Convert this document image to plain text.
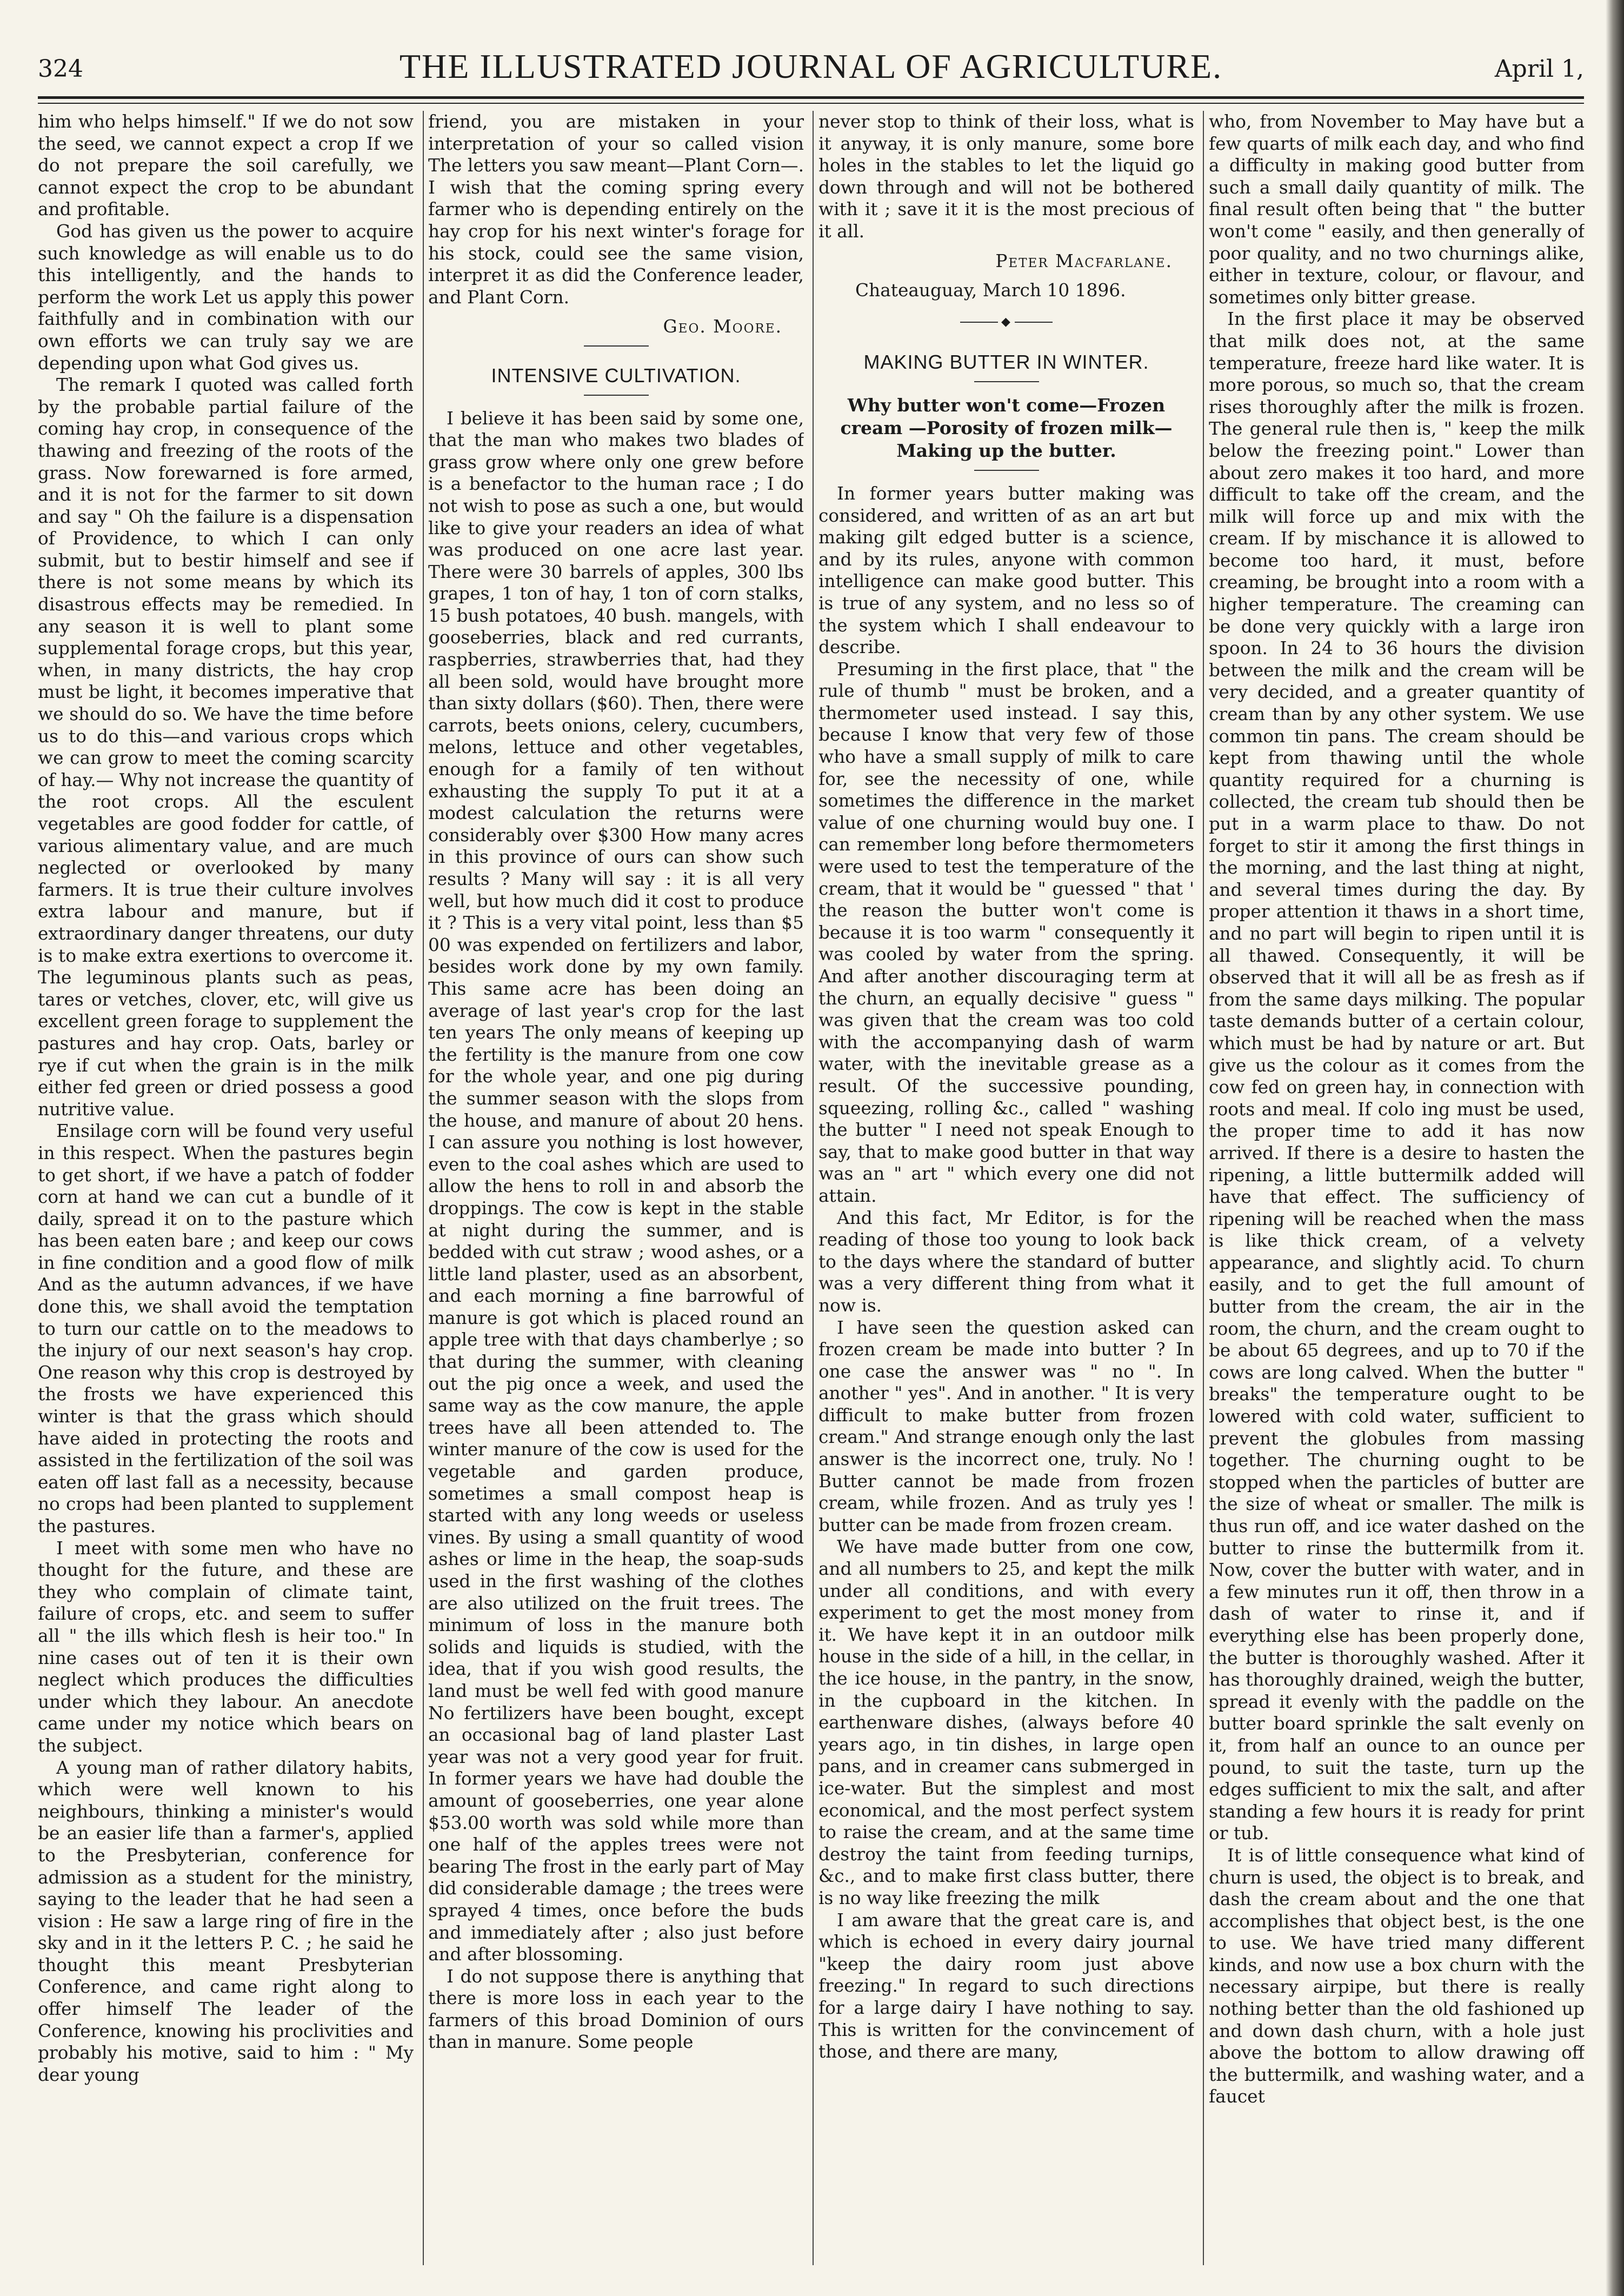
324	THE ILLUSTRATED JOURNAL OF AGRICULTURE.	April 1,

him who helps himself." If we do not sow the seed, we cannot expect a crop If we do not prepare the soil carefully, we cannot expect the crop to be abundant and profitable.

God has given us the power to acquire such knowledge as will enable us to do this intelligently, and the hands to perform the work Let us apply this power faithfully and in combination with our own efforts we can truly say we are depending upon what God gives us.

The remark I quoted was called forth by the probable partial failure of the coming hay crop, in consequence of the thawing and freezing of the roots of the grass. Now forewarned is fore armed, and it is not for the farmer to sit down and say " Oh the failure is a dispensation of Providence, to which I can only submit, but to bestir himself and see if there is not some means by which its disastrous effects may be remedied. In any season it is well to plant some supplemental forage crops, but this year, when, in many districts, the hay crop must be light, it becomes imperative that we should do so. We have the time before us to do this—and various crops which we can grow to meet the coming scarcity of hay.— Why not increase the quantity of the root crops. All the esculent vegetables are good fodder for cattle, of various alimentary value, and are much neglected or overlooked by many farmers. It is true their culture involves extra labour and manure, but if extraordinary danger threatens, our duty is to make extra exertions to overcome it. The leguminous plants such as peas, tares or vetches, clover, etc, will give us excellent green forage to supplement the pastures and hay crop. Oats, barley or rye if cut when the grain is in the milk either fed green or dried possess a good nutritive value.

Ensilage corn will be found very useful in this respect. When the pastures begin to get short, if we have a patch of fodder corn at hand we can cut a bundle of it daily, spread it on to the pasture which has been eaten bare ; and keep our cows in fine condition and a good flow of milk And as the autumn advances, if we have done this, we shall avoid the temptation to turn our cattle on to the meadows to the injury of our next season's hay crop. One reason why this crop is destroyed by the frosts we have experienced this winter is that the grass which should have aided in protecting the roots and assisted in the fertilization of the soil was eaten off last fall as a necessity, because no crops had been planted to supplement the pastures.

I meet with some men who have no thought for the future, and these are they who complain of climate taint, failure of crops, etc. and seem to suffer all " the ills which flesh is heir too." In nine cases out of ten it is their own neglect which produces the difficulties under which they labour. An anecdote came under my notice which bears on the subject.

A young man of rather dilatory habits, which were well known to his neighbours, thinking a minister's would be an easier life than a farmer's, applied to the Presbyterian, conference for admission as a student for the ministry, saying to the leader that he had seen a vision : He saw a large ring of fire in the sky and in it the letters P. C. ; he said he thought this meant Presbyterian Conference, and came right along to offer himself The leader of the Conference, knowing his proclivities and probably his motive, said to him : " My dear young

friend, you are mistaken in your interpretation of your so called vision The letters you saw meant—Plant Corn—. I wish that the coming spring every farmer who is depending entirely on the hay crop for his next winter's forage for his stock, could see the same vision, interpret it as did the Conference leader, and Plant Corn.

Geo. Moore.
INTENSIVE CULTIVATION.

I believe it has been said by some one, that the man who makes two blades of grass grow where only one grew before is a benefactor to the human race ; I do not wish to pose as such a one, but would like to give your readers an idea of what was produced on one acre last year. There were 30 barrels of apples, 300 lbs grapes, 1 ton of hay, 1 ton of corn stalks, 15 bush potatoes, 40 bush. mangels, with gooseberries, black and red currants, raspberries, strawberries that, had they all been sold, would have brought more than sixty dollars ($60). Then, there were carrots, beets onions, celery, cucumbers, melons, lettuce and other vegetables, enough for a family of ten without exhausting the supply To put it at a modest calculation the returns were considerably over $300 How many acres in this province of ours can show such results ? Many will say : it is all very well, but how much did it cost to produce it ? This is a very vital point, less than $5 00 was expended on fertilizers and labor, besides work done by my own family. This same acre has been doing an average of last year's crop for the last ten years The only means of keeping up the fertility is the manure from one cow for the whole year, and one pig during the summer season with the slops from the house, and manure of about 20 hens. I can assure you nothing is lost however, even to the coal ashes which are used to allow the hens to roll in and absorb the droppings. The cow is kept in the stable at night during the summer, and is bedded with cut straw ; wood ashes, or a little land plaster, used as an absorbent, and each morning a fine barrowful of manure is got which is placed round an apple tree with that days chamberlye ; so that during the summer, with cleaning out the pig once a week, and used the same way as the cow manure, the apple trees have all been attended to. The winter manure of the cow is used for the vegetable and garden produce, sometimes a small compost heap is started with any long weeds or useless vines. By using a small quantity of wood ashes or lime in the heap, the soap-suds used in the first washing of the clothes are also utilized on the fruit trees. The minimum of loss in the manure both solids and liquids is studied, with the idea, that if you wish good results, the land must be well fed with good manure No fertilizers have been bought, except an occasional bag of land plaster Last year was not a very good year for fruit. In former years we have had double the amount of gooseberries, one year alone $53.00 worth was sold while more than one half of the apples trees were not bearing The frost in the early part of May did considerable damage ; the trees were sprayed 4 times, once before the buds and immediately after ; also just before and after blossoming.

I do not suppose there is anything that there is more loss in each year to the farmers of this broad Dominion of ours than in manure. Some people

never stop to think of their loss, what is it anyway, it is only manure, some bore holes in the stables to let the liquid go down through and will not be bothered with it ; save it it is the most precious of it all.

Peter Macfarlane.

Chateauguay, March 10 1896.

◆
MAKING BUTTER IN WINTER.
Why butter won't come—Frozen cream —Porosity of frozen milk—Making up the butter.

In former years butter making was considered, and written of as an art but making gilt edged butter is a science, and by its rules, anyone with common intelligence can make good butter. This is true of any system, and no less so of the system which I shall endeavour to describe.

Presuming in the first place, that " the rule of thumb " must be broken, and a thermometer used instead. I say this, because I know that very few of those who have a small supply of milk to care for, see the necessity of one, while sometimes the difference in the market value of one churning would buy one. I can remember long before thermometers were used to test the temperature of the cream, that it would be " guessed " that ' the reason the butter won't come is because it is too warm " consequently it was cooled by water from the spring. And after another discouraging term at the churn, an equally decisive " guess " was given that the cream was too cold with the accompanying dash of warm water, with the inevitable grease as a result. Of the successive pounding, squeezing, rolling &c., called " washing the butter " I need not speak Enough to say, that to make good butter in that way was an " art " which every one did not attain.

And this fact, Mr Editor, is for the reading of those too young to look back to the days where the standard of butter was a very different thing from what it now is.

I have seen the question asked can frozen cream be made into butter ? In one case the answer was " no ". In another " yes". And in another. " It is very difficult to make butter from frozen cream." And strange enough only the last answer is the incorrect one, truly. No ! Butter cannot be made from frozen cream, while frozen. And as truly yes ! butter can be made from frozen cream.

We have made butter from one cow, and all numbers to 25, and kept the milk under all conditions, and with every experiment to get the most money from it. We have kept it in an outdoor milk house in the side of a hill, in the cellar, in the ice house, in the pantry, in the snow, in the cupboard in the kitchen. In earthenware dishes, (always before 40 years ago, in tin dishes, in large open pans, and in creamer cans submerged in ice-water. But the simplest and most economical, and the most perfect system to raise the cream, and at the same time destroy the taint from feeding turnips, &c., and to make first class butter, there is no way like freezing the milk

I am aware that the great care is, and which is echoed in every dairy journal "keep the dairy room just above freezing." In regard to such directions for a large dairy I have nothing to say. This is written for the convincement of those, and there are many,

who, from November to May have but a few quarts of milk each day, and who find a difficulty in making good butter from such a small daily quantity of milk. The final result often being that " the butter won't come " easily, and then generally of poor quality, and no two churnings alike, either in texture, colour, or flavour, and sometimes only bitter grease.

In the first place it may be observed that milk does not, at the same temperature, freeze hard like water. It is more porous, so much so, that the cream rises thoroughly after the milk is frozen. The general rule then is, " keep the milk below the freezing point." Lower than about zero makes it too hard, and more difficult to take off the cream, and the milk will force up and mix with the cream. If by mischance it is allowed to become too hard, it must, before creaming, be brought into a room with a higher temperature. The creaming can be done very quickly with a large iron spoon. In 24 to 36 hours the division between the milk and the cream will be very decided, and a greater quantity of cream than by any other system. We use common tin pans. The cream should be kept from thawing until the whole quantity required for a churning is collected, the cream tub should then be put in a warm place to thaw. Do not forget to stir it among the first things in the morning, and the last thing at night, and several times during the day. By proper attention it thaws in a short time, and no part will begin to ripen until it is all thawed. Consequently, it will be observed that it will all be as fresh as if from the same days milking. The popular taste demands butter of a certain colour, which must be had by nature or art. But give us the colour as it comes from the cow fed on green hay, in connection with roots and meal. If colo ing must be used, the proper time to add it has now arrived. If there is a desire to hasten the ripening, a little buttermilk added will have that effect. The sufficiency of ripening will be reached when the mass is like thick cream, of a velvety appearance, and slightly acid. To churn easily, and to get the full amount of butter from the cream, the air in the room, the churn, and the cream ought to be about 65 degrees, and up to 70 if the cows are long calved. When the butter " breaks" the temperature ought to be lowered with cold water, sufficient to prevent the globules from massing together. The churning ought to be stopped when the particles of butter are the size of wheat or smaller. The milk is thus run off, and ice water dashed on the butter to rinse the buttermilk from it. Now, cover the butter with water, and in a few minutes run it off, then throw in a dash of water to rinse it, and if everything else has been properly done, the butter is thoroughly washed. After it has thoroughly drained, weigh the butter, spread it evenly with the paddle on the butter board sprinkle the salt evenly on it, from half an ounce to an ounce per pound, to suit the taste, turn up the edges sufficient to mix the salt, and after standing a few hours it is ready for print or tub.

It is of little consequence what kind of churn is used, the object is to break, and dash the cream about and the one that accomplishes that object best, is the one to use. We have tried many different kinds, and now use a box churn with the necessary airpipe, but there is really nothing better than the old fashioned up and down dash churn, with a hole just above the bottom to allow drawing off the buttermilk, and washing water, and a faucet
